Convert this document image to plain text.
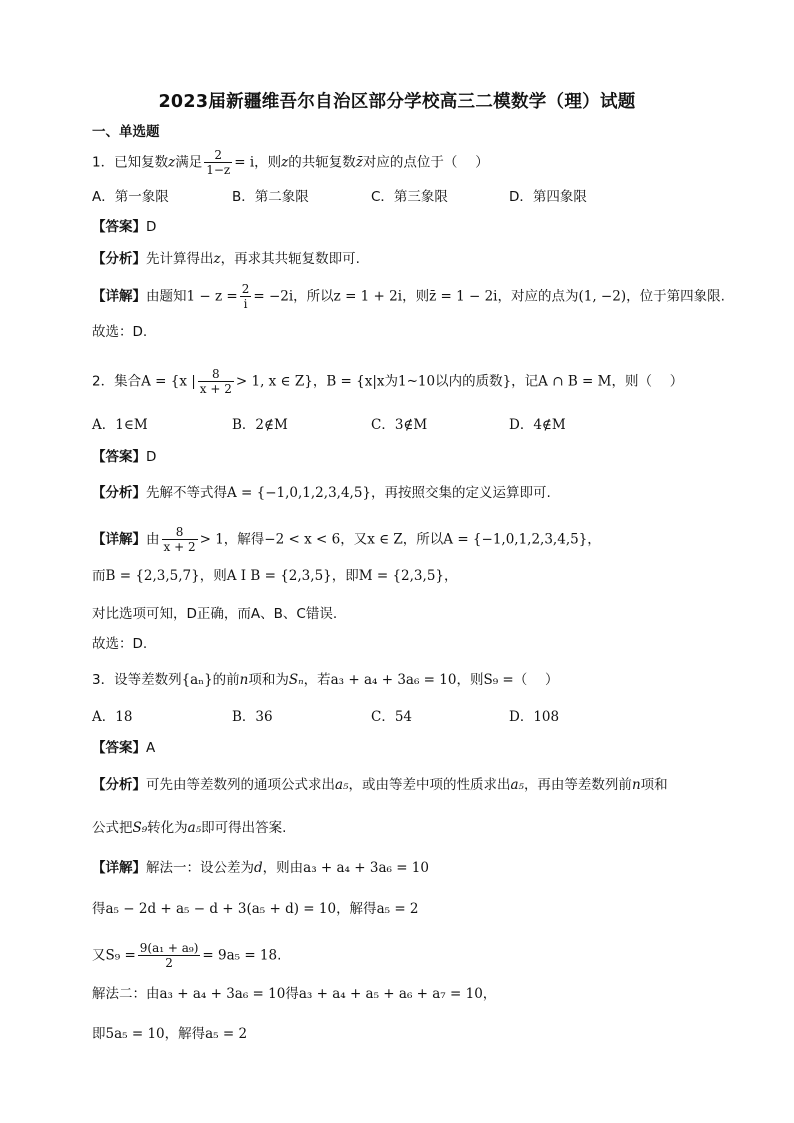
2023届新疆维吾尔自治区部分学校高三二模数学（理）试题
一、单选题
1．已知复数z满足 $\frac{2}{1-z} = i$，则z的共轭复数z̄对应的点位于（　 ）
A．第一象限	B．第二象限	C．第三象限	D．第四象限
【答案】D
【分析】先计算得出z，再求其共轭复数即可.
【详解】由题知$1 - z = \frac{2}{i} = -2i$，所以z = 1 + 2i，则z̄ = 1 − 2i，对应的点为(1, −2)，位于第四象限.
故选：D.
2．集合A = {x | $\frac{8}{x + 2} > 1$, x ∈ Z}，B = {x|x为1~10以内的质数}，记A ∩ B = M，则（　 ）
A．1∈M	B．2∉M	C．3∉M	D．4∉M
【答案】D
【分析】先解不等式得A = {−1,0,1,2,3,4,5}，再按照交集的定义运算即可.
【详解】由 $\frac{8}{x + 2} > 1$，解得−2 < x < 6，又x ∈ Z，所以A = {−1,0,1,2,3,4,5}，
而B = {2,3,5,7}，则A I B = {2,3,5}，即M = {2,3,5}，
对比选项可知，D正确，而A、B、C错误.
故选：D.
3．设等差数列{aₙ}的前n项和为Sₙ，若a₃ + a₄ + 3a₆ = 10，则S₉ =（　 ）
A．18	B．36	C．54	D．108
【答案】A
【分析】可先由等差数列的通项公式求出a₅，或由等差中项的性质求出a₅，再由等差数列前n项和
公式把S₉转化为a₅即可得出答案.
【详解】解法一：设公差为d，则由a₃ + a₄ + 3a₆ = 10
得a₅ − 2d + a₅ − d + 3(a₅ + d) = 10，解得a₅ = 2
又$S_9 = \frac{\text{9(a₁ + a₉)}}{2} = 9a_5 = 18$.
解法二：由a₃ + a₄ + 3a₆ = 10得a₃ + a₄ + a₅ + a₆ + a₇ = 10，
即5a₅ = 10，解得a₅ = 2
